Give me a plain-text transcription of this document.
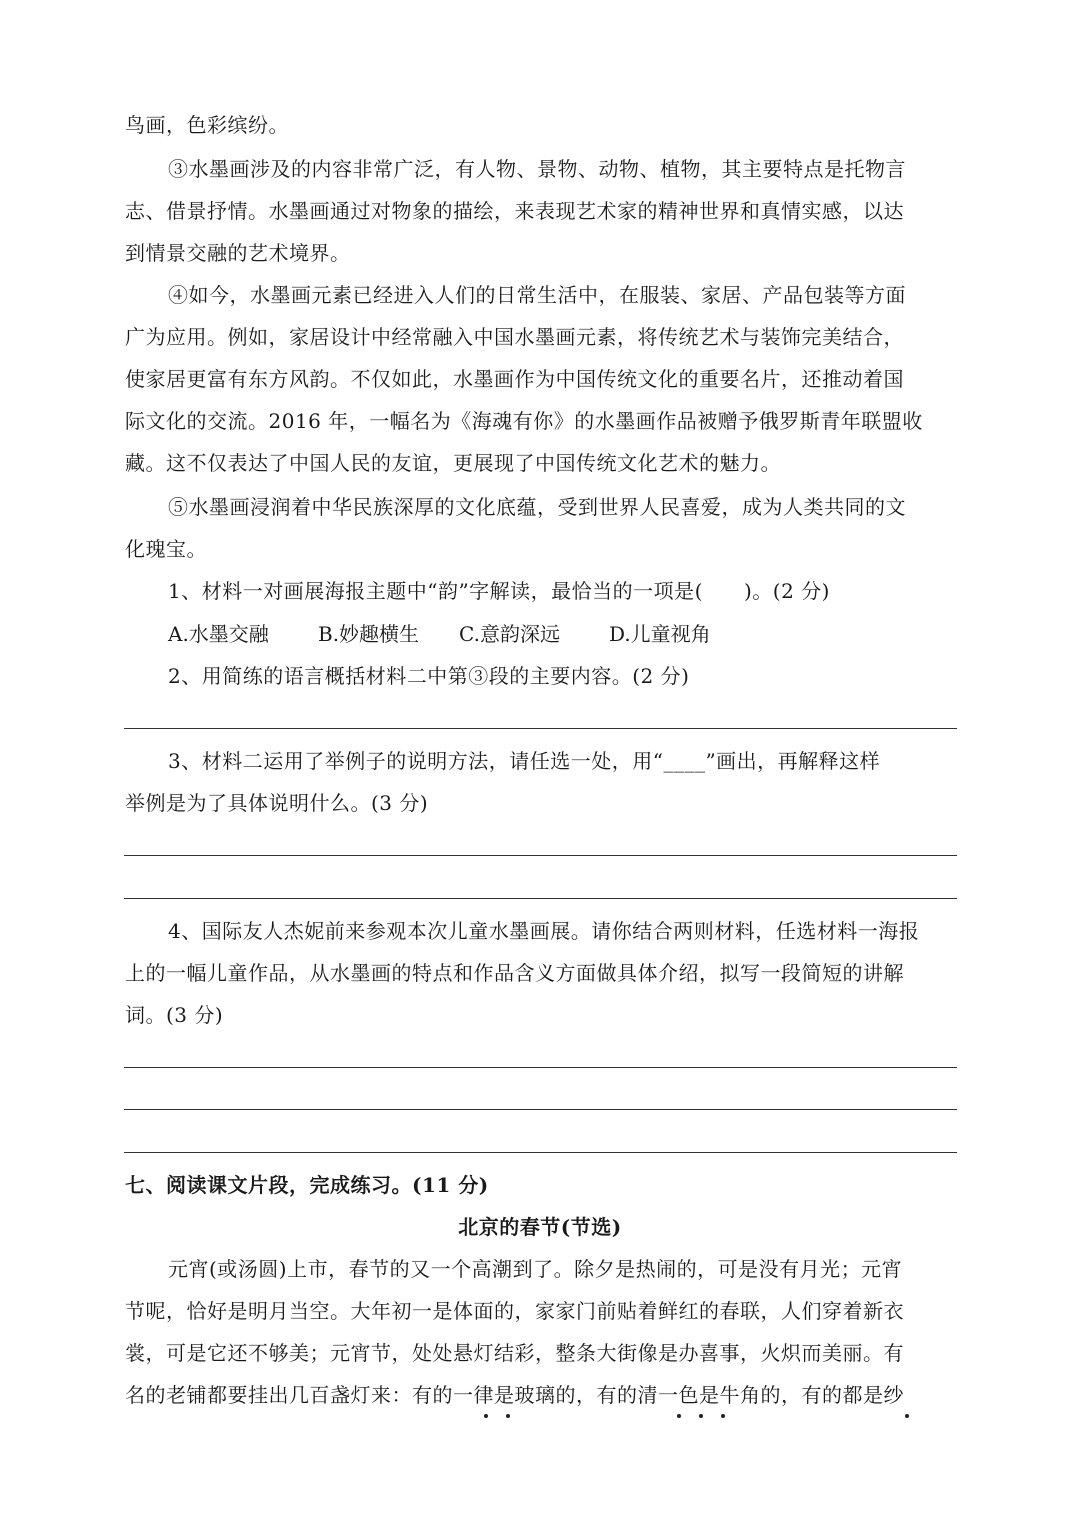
鸟画，色彩缤纷。
③水墨画涉及的内容非常广泛，有人物、景物、动物、植物，其主要特点是托物言
志、借景抒情。水墨画通过对物象的描绘，来表现艺术家的精神世界和真情实感，以达
到情景交融的艺术境界。
④如今，水墨画元素已经进入人们的日常生活中，在服装、家居、产品包装等方面
广为应用。例如，家居设计中经常融入中国水墨画元素，将传统艺术与装饰完美结合，
使家居更富有东方风韵。不仅如此，水墨画作为中国传统文化的重要名片，还推动着国
际文化的交流。2016 年，一幅名为《海魂有你》的水墨画作品被赠予俄罗斯青年联盟收
藏。这不仅表达了中国人民的友谊，更展现了中国传统文化艺术的魅力。
⑤水墨画浸润着中华民族深厚的文化底蕴，受到世界人民喜爱，成为人类共同的文
化瑰宝。
1、材料一对画展海报主题中“韵”字解读，最恰当的一项是(　　)。(2 分)
A.水墨交融 B.妙趣横生 C.意韵深远 D.儿童视角
2、用简练的语言概括材料二中第③段的主要内容。(2 分)
3、材料二运用了举例子的说明方法，请任选一处，用“____”画出，再解释这样
举例是为了具体说明什么。(3 分)
4、国际友人杰妮前来参观本次儿童水墨画展。请你结合两则材料，任选材料一海报
上的一幅儿童作品，从水墨画的特点和作品含义方面做具体介绍，拟写一段简短的讲解
词。(3 分)
七、阅读课文片段，完成练习。(11 分)
北京的春节(节选)
元宵(或汤圆)上市，春节的又一个高潮到了。除夕是热闹的，可是没有月光；元宵
节呢，恰好是明月当空。大年初一是体面的，家家门前贴着鲜红的春联，人们穿着新衣
裳，可是它还不够美；元宵节，处处悬灯结彩，整条大街像是办喜事，火炽而美丽。有
名的老铺都要挂出几百盏灯来：有的一律是玻璃的，有的清一色是牛角的，有的都是纱
